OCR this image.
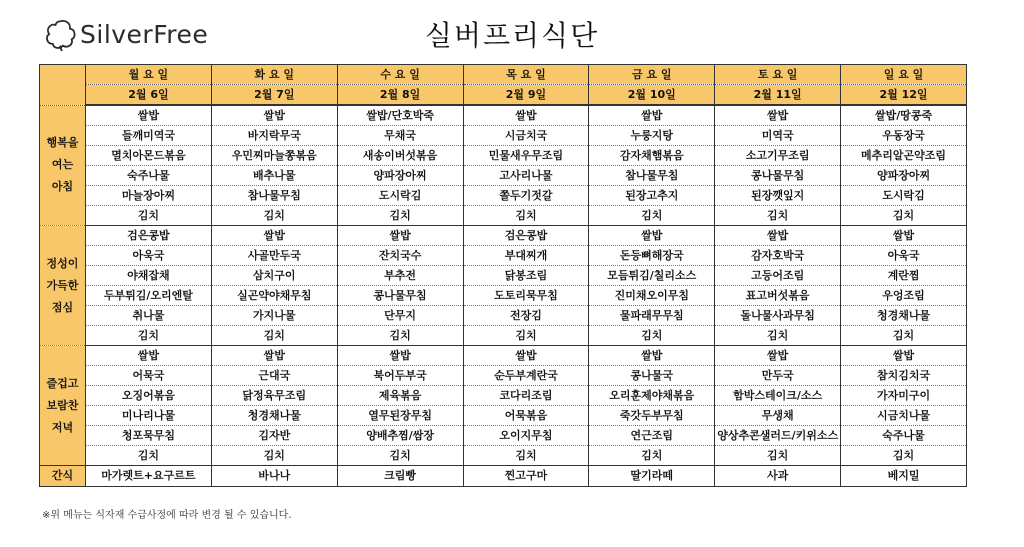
SilverFree	실버프리식단
	월 요 일	화 요 일	수 요 일	목 요 일	금 요 일	토 요 일	일 요 일
	2월 6일	2월 7일	2월 8일	2월 9일	2월 10일	2월 11일	2월 12일

행복을
여는
아침	쌀밥	쌀밥	쌀밥/단호박죽	쌀밥	쌀밥	쌀밥	쌀밥/땅콩죽
	들깨미역국	바지락무국	무채국	시금치국	누룽지탕	미역국	우동장국
	멸치아몬드볶음	우민찌마늘쫑볶음	새송이버섯볶음	민물새우무조림	감자채햄볶음	소고기무조림	메추리알곤약조림
	숙주나물	배추나물	양파장아찌	고사리나물	참나물무침	콩나물무침	양파장아찌
	마늘장아찌	참나물무침	도시락김	쫄두기젓갈	된장고추지	된장깻잎지	도시락김
	김치	김치	김치	김치	김치	김치	김치

정성이
가득한
점심	검은콩밥	쌀밥	쌀밥	검은콩밥	쌀밥	쌀밥	쌀밥
	아욱국	사골만두국	잔치국수	부대찌개	돈등뼈해장국	감자호박국	아욱국
	야채잡채	삼치구이	부추전	닭봉조림	모듬튀김/칠리소스	고등어조림	계란찜
	두부튀김/오리엔탈	실곤약야채무침	콩나물무침	도토리묵무침	진미채오이무침	표고버섯볶음	우엉조림
	취나물	가지나물	단무지	전장김	물파래무무침	돌나물사과무침	청경채나물
	김치	김치	김치	김치	김치	김치	김치

즐겁고
보람찬
저녁	쌀밥	쌀밥	쌀밥	쌀밥	쌀밥	쌀밥	쌀밥
	어묵국	근대국	북어두부국	순두부계란국	콩나물국	만두국	참치김치국
	오징어볶음	닭정육무조림	제육볶음	코다리조림	오리훈제야채볶음	함박스테이크/소스	가자미구이
	미나리나물	청경채나물	열무된장무침	어묵볶음	죽갓두부무침	무생채	시금치나물
	청포묵무침	김자반	양배추찜/쌈장	오이지무침	연근조림	양상추콘샐러드/키위소스	숙주나물
	김치	김치	김치	김치	김치	김치	김치
간식	마가렛트+요구르트	바나나	크림빵	찐고구마	딸기라떼	사과	베지밀
※위 메뉴는 식자재 수급사정에 따라 변경 될 수 있습니다.
